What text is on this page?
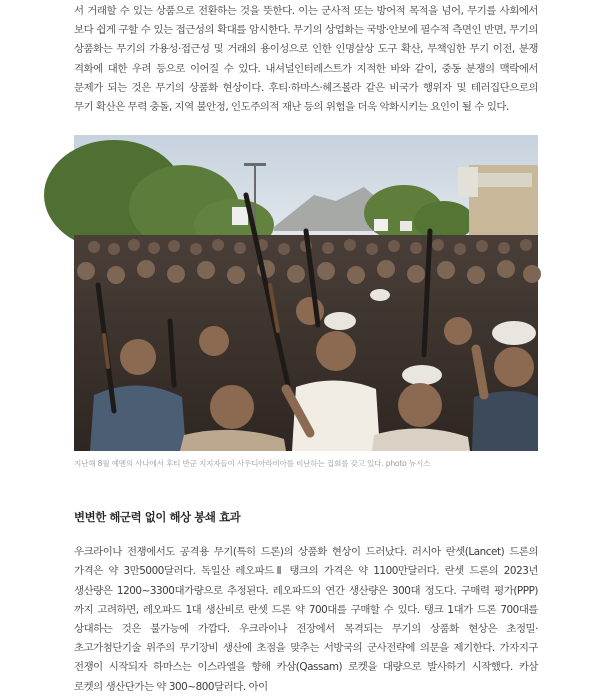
서 거래할 수 있는 상품으로 전환하는 것을 뜻한다. 이는 군사적 또는 방어적 목적을 넘어, 무기를 사회에서 보다 쉽게 구할 수 있는 접근성의 확대를 암시한다. 무기의 상업화는 국방·안보에 필수적 측면인 반면, 무기의 상품화는 무기의 가용성·접근성 및 거래의 용이성으로 인한 인명살상 도구 확산, 무책임한 무기 이전, 분쟁 격화에 대한 우려 등으로 이어질 수 있다. 내셔널인터레스트가 지적한 바와 같이, 중동 분쟁의 맥락에서 문제가 되는 것은 무기의 상품화 현상이다. 후티·하마스·헤즈볼라 같은 비국가 행위자 및 테러집단으로의 무기 확산은 무력 충돌, 지역 불안정, 인도주의적 재난 등의 위험을 더욱 악화시키는 요인이 될 수 있다.

지난해 8월 예멘의 사나에서 후티 반군 지지자들이 사우디아라비아를 비난하는 집회를 갖고 있다. photo 뉴시스

변변한 해군력 없이 해상 봉쇄 효과

우크라이나 전쟁에서도 공격용 무기(특히 드론)의 상품화 현상이 드러났다. 러시아 란셋(Lancet) 드론의 가격은 약 3만5000달러다. 독일산 레오파드Ⅱ 탱크의 가격은 약 1100만달러다. 란셋 드론의 2023년 생산량은 1200~3300대가량으로 추정된다. 레오파드의 연간 생산량은 300대 정도다. 구매력 평가(PPP)까지 고려하면, 레오파드 1대 생산비로 란셋 드론 약 700대를 구매할 수 있다. 탱크 1대가 드론 700대를 상대하는 것은 불가능에 가깝다. 우크라이나 전장에서 목격되는 무기의 상품화 현상은 초정밀·초고가첨단기술 위주의 무기장비 생산에 초점을 맞추는 서방국의 군사전략에 의문을 제기한다. 가자지구 전쟁이 시작되자 하마스는 이스라엘을 향해 카삼(Qassam) 로켓을 대량으로 발사하기 시작했다. 카삼 로켓의 생산단가는 약 300~800달러다. 아이
